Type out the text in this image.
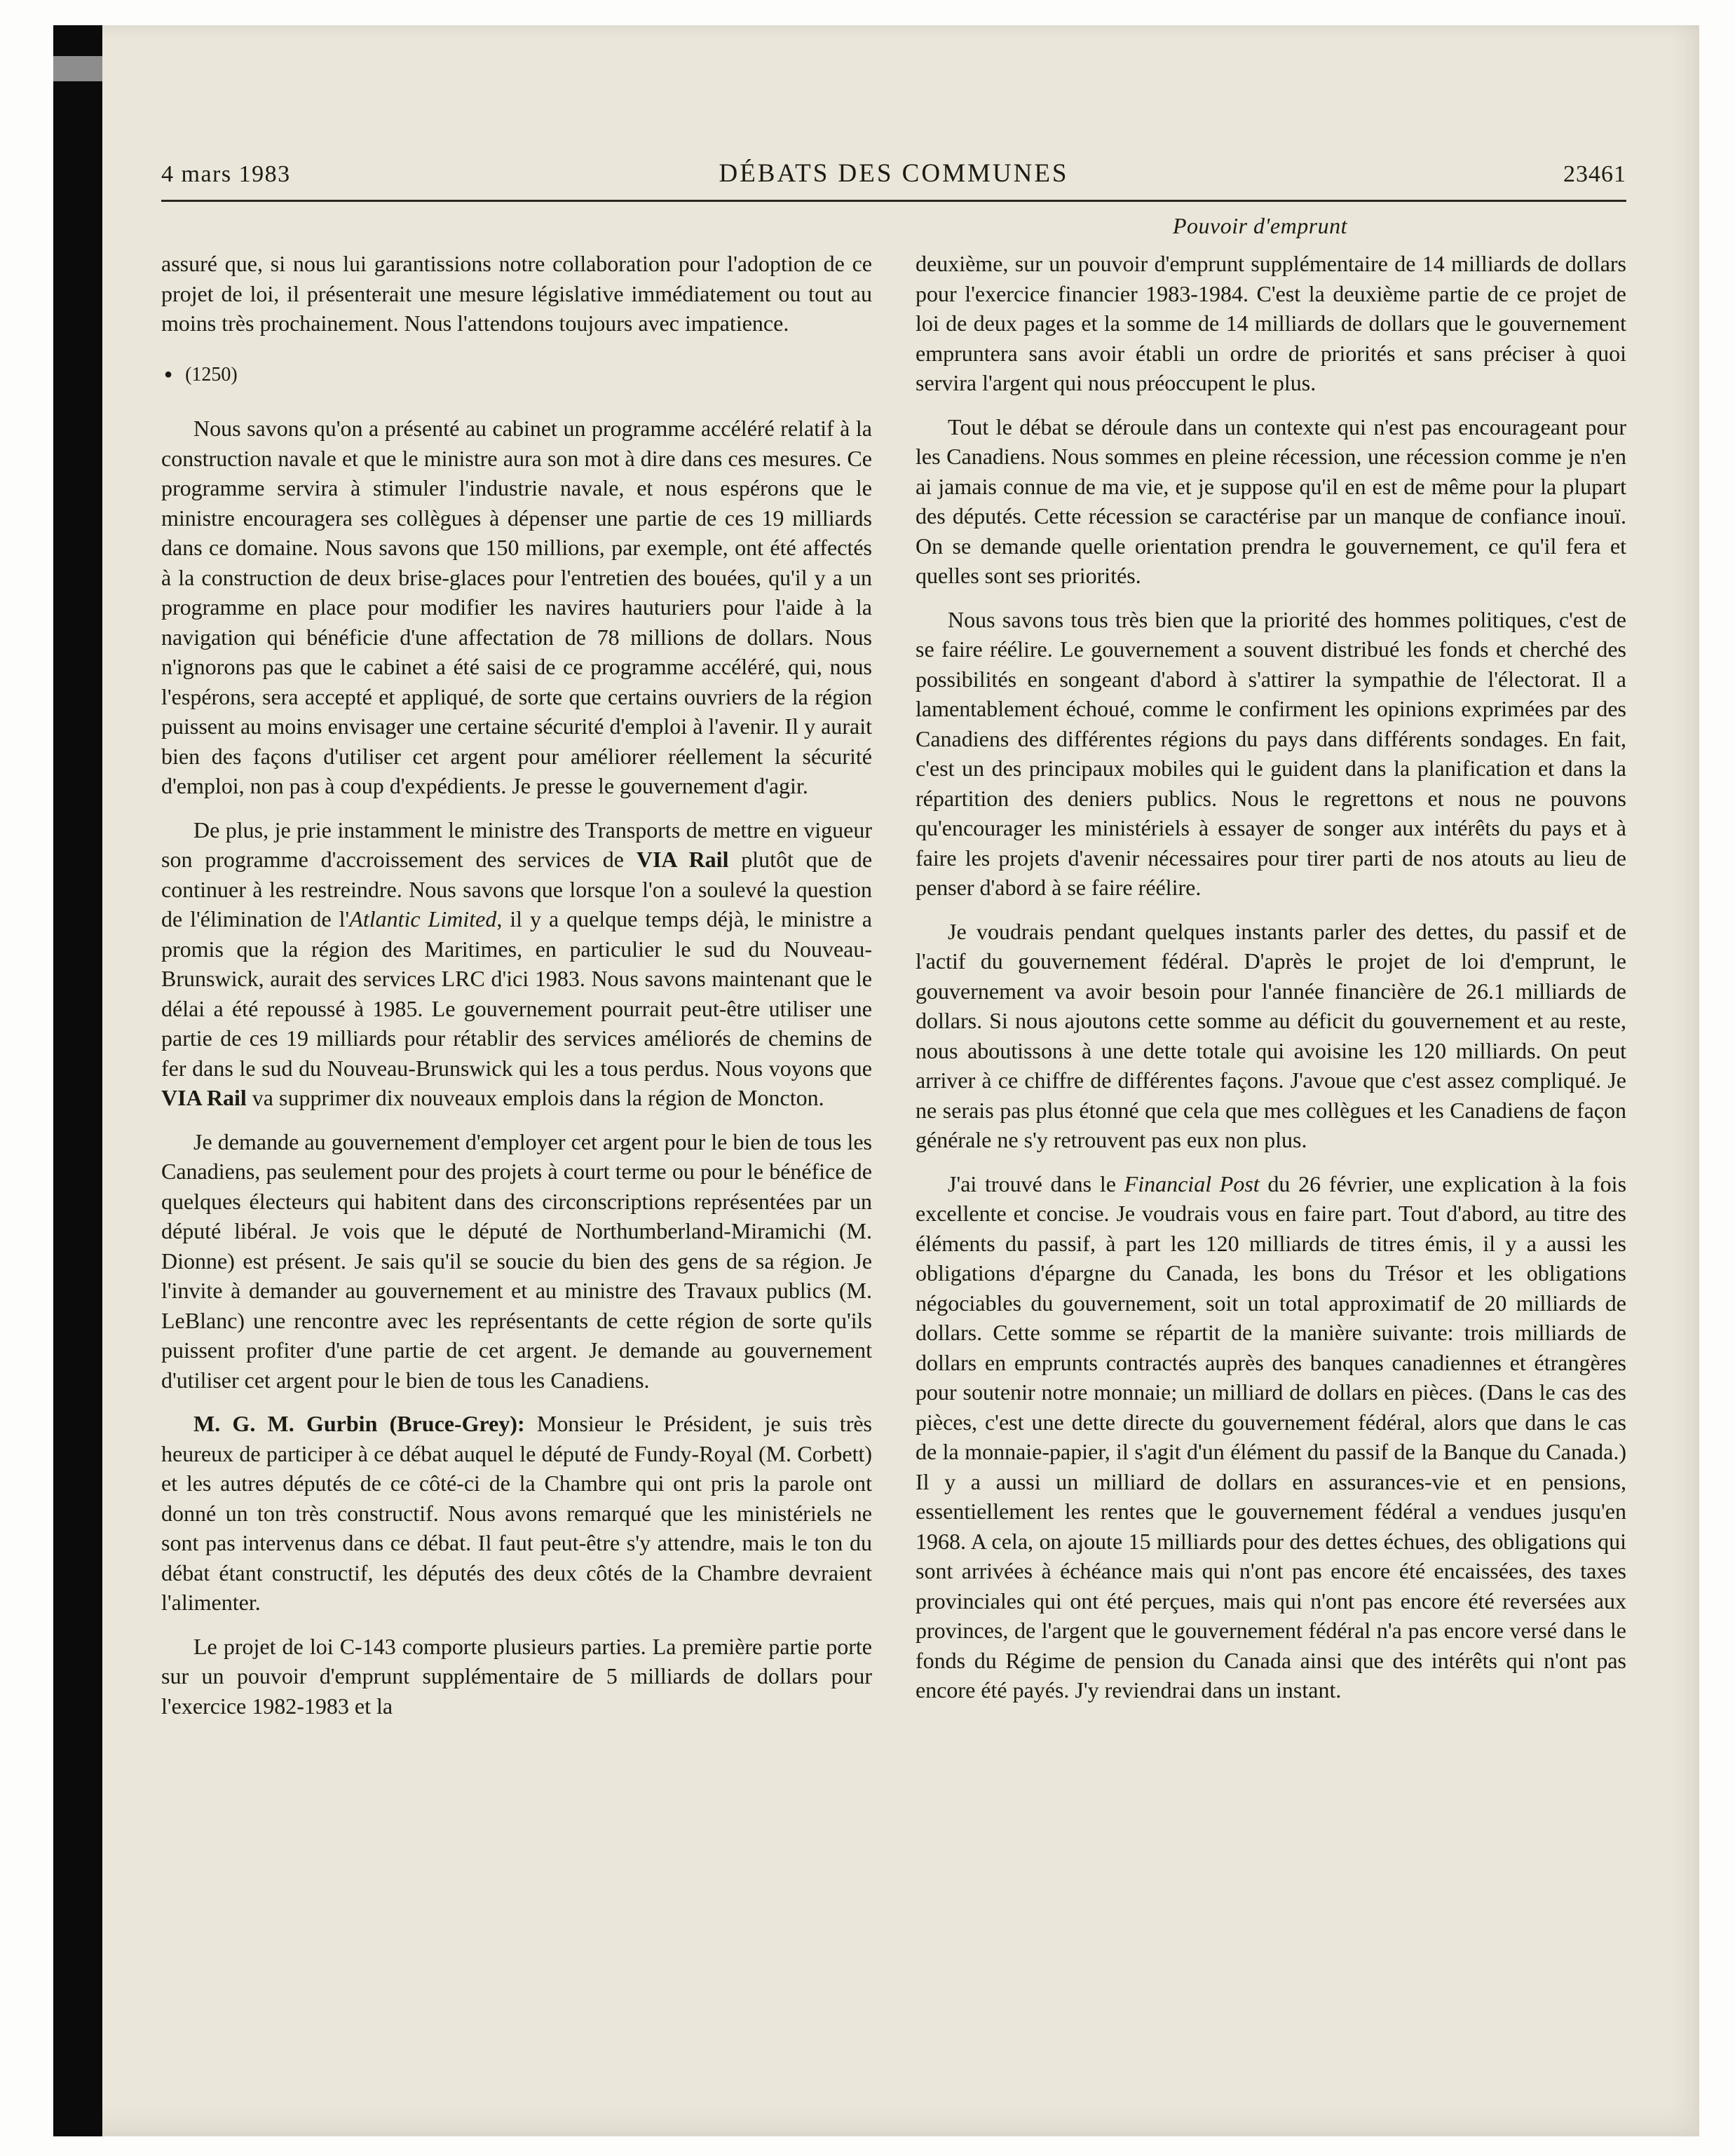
4 mars 1983	DÉBATS DES COMMUNES	23461
Pouvoir d'emprunt

assuré que, si nous lui garantissions notre collaboration pour l'adoption de ce projet de loi, il présenterait une mesure législative immédiatement ou tout au moins très prochainement. Nous l'attendons toujours avec impatience.

● (1250)

Nous savons qu'on a présenté au cabinet un programme accéléré relatif à la construction navale et que le ministre aura son mot à dire dans ces mesures. Ce programme servira à stimuler l'industrie navale, et nous espérons que le ministre encouragera ses collègues à dépenser une partie de ces 19 milliards dans ce domaine. Nous savons que 150 millions, par exemple, ont été affectés à la construction de deux brise-glaces pour l'entretien des bouées, qu'il y a un programme en place pour modifier les navires hauturiers pour l'aide à la navigation qui bénéficie d'une affectation de 78 millions de dollars. Nous n'ignorons pas que le cabinet a été saisi de ce programme accéléré, qui, nous l'espérons, sera accepté et appliqué, de sorte que certains ouvriers de la région puissent au moins envisager une certaine sécurité d'emploi à l'avenir. Il y aurait bien des façons d'utiliser cet argent pour améliorer réellement la sécurité d'emploi, non pas à coup d'expédients. Je presse le gouvernement d'agir.

De plus, je prie instamment le ministre des Transports de mettre en vigueur son programme d'accroissement des services de VIA Rail plutôt que de continuer à les restreindre. Nous savons que lorsque l'on a soulevé la question de l'élimination de l'Atlantic Limited, il y a quelque temps déjà, le ministre a promis que la région des Maritimes, en particulier le sud du Nouveau-Brunswick, aurait des services LRC d'ici 1983. Nous savons maintenant que le délai a été repoussé à 1985. Le gouvernement pourrait peut-être utiliser une partie de ces 19 milliards pour rétablir des services améliorés de chemins de fer dans le sud du Nouveau-Brunswick qui les a tous perdus. Nous voyons que VIA Rail va supprimer dix nouveaux emplois dans la région de Moncton.

Je demande au gouvernement d'employer cet argent pour le bien de tous les Canadiens, pas seulement pour des projets à court terme ou pour le bénéfice de quelques électeurs qui habitent dans des circonscriptions représentées par un député libéral. Je vois que le député de Northumberland-Miramichi (M. Dionne) est présent. Je sais qu'il se soucie du bien des gens de sa région. Je l'invite à demander au gouvernement et au ministre des Travaux publics (M. LeBlanc) une rencontre avec les représentants de cette région de sorte qu'ils puissent profiter d'une partie de cet argent. Je demande au gouvernement d'utiliser cet argent pour le bien de tous les Canadiens.

M. G. M. Gurbin (Bruce-Grey): Monsieur le Président, je suis très heureux de participer à ce débat auquel le député de Fundy-Royal (M. Corbett) et les autres députés de ce côté-ci de la Chambre qui ont pris la parole ont donné un ton très constructif. Nous avons remarqué que les ministériels ne sont pas intervenus dans ce débat. Il faut peut-être s'y attendre, mais le ton du débat étant constructif, les députés des deux côtés de la Chambre devraient l'alimenter.

Le projet de loi C-143 comporte plusieurs parties. La première partie porte sur un pouvoir d'emprunt supplémentaire de 5 milliards de dollars pour l'exercice 1982-1983 et la

deuxième, sur un pouvoir d'emprunt supplémentaire de 14 milliards de dollars pour l'exercice financier 1983-1984. C'est la deuxième partie de ce projet de loi de deux pages et la somme de 14 milliards de dollars que le gouvernement empruntera sans avoir établi un ordre de priorités et sans préciser à quoi servira l'argent qui nous préoccupent le plus.

Tout le débat se déroule dans un contexte qui n'est pas encourageant pour les Canadiens. Nous sommes en pleine récession, une récession comme je n'en ai jamais connue de ma vie, et je suppose qu'il en est de même pour la plupart des députés. Cette récession se caractérise par un manque de confiance inouï. On se demande quelle orientation prendra le gouvernement, ce qu'il fera et quelles sont ses priorités.

Nous savons tous très bien que la priorité des hommes politiques, c'est de se faire réélire. Le gouvernement a souvent distribué les fonds et cherché des possibilités en songeant d'abord à s'attirer la sympathie de l'électorat. Il a lamentablement échoué, comme le confirment les opinions exprimées par des Canadiens des différentes régions du pays dans différents sondages. En fait, c'est un des principaux mobiles qui le guident dans la planification et dans la répartition des deniers publics. Nous le regrettons et nous ne pouvons qu'encourager les ministériels à essayer de songer aux intérêts du pays et à faire les projets d'avenir nécessaires pour tirer parti de nos atouts au lieu de penser d'abord à se faire réélire.

Je voudrais pendant quelques instants parler des dettes, du passif et de l'actif du gouvernement fédéral. D'après le projet de loi d'emprunt, le gouvernement va avoir besoin pour l'année financière de 26.1 milliards de dollars. Si nous ajoutons cette somme au déficit du gouvernement et au reste, nous aboutissons à une dette totale qui avoisine les 120 milliards. On peut arriver à ce chiffre de différentes façons. J'avoue que c'est assez compliqué. Je ne serais pas plus étonné que cela que mes collègues et les Canadiens de façon générale ne s'y retrouvent pas eux non plus.

J'ai trouvé dans le Financial Post du 26 février, une explication à la fois excellente et concise. Je voudrais vous en faire part. Tout d'abord, au titre des éléments du passif, à part les 120 milliards de titres émis, il y a aussi les obligations d'épargne du Canada, les bons du Trésor et les obligations négociables du gouvernement, soit un total approximatif de 20 milliards de dollars. Cette somme se répartit de la manière suivante: trois milliards de dollars en emprunts contractés auprès des banques canadiennes et étrangères pour soutenir notre monnaie; un milliard de dollars en pièces. (Dans le cas des pièces, c'est une dette directe du gouvernement fédéral, alors que dans le cas de la monnaie-papier, il s'agit d'un élément du passif de la Banque du Canada.) Il y a aussi un milliard de dollars en assurances-vie et en pensions, essentiellement les rentes que le gouvernement fédéral a vendues jusqu'en 1968. A cela, on ajoute 15 milliards pour des dettes échues, des obligations qui sont arrivées à échéance mais qui n'ont pas encore été encaissées, des taxes provinciales qui ont été perçues, mais qui n'ont pas encore été reversées aux provinces, de l'argent que le gouvernement fédéral n'a pas encore versé dans le fonds du Régime de pension du Canada ainsi que des intérêts qui n'ont pas encore été payés. J'y reviendrai dans un instant.
